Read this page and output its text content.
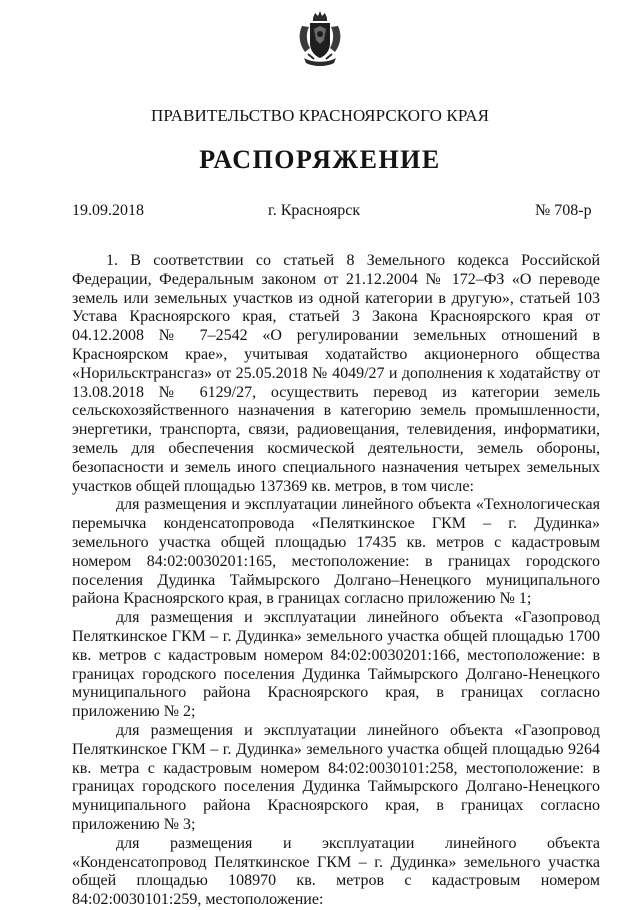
ПРАВИТЕЛЬСТВО КРАСНОЯРСКОГО КРАЯ
РАСПОРЯЖЕНИЕ
19.09.2018	г. Красноярск	№ 708-р

1. В соответствии со статьей 8 Земельного кодекса Российской Федерации, Федеральным законом от 21.12.2004 № 172–ФЗ «О переводе земель или земельных участков из одной категории в другую», статьей 103 Устава Красноярского края, статьей 3 Закона Красноярского края от 04.12.2008 № 7–2542 «О регулировании земельных отношений в Красноярском крае», учитывая ходатайство акционерного общества «Норильсктрансгаз» от 25.05.2018 № 4049/27 и дополнения к ходатайству от 13.08.2018 № 6129/27, осуществить перевод из категории земель сельскохозяйственного назначения в категорию земель промышленности, энергетики, транспорта, связи, радиовещания, телевидения, информатики, земель для обеспечения космической деятельности, земель обороны, безопасности и земель иного специального назначения четырех земельных участков общей площадью 137369 кв. метров, в том числе:

для размещения и эксплуатации линейного объекта «Технологическая перемычка конденсатопровода «Пеляткинское ГКМ – г. Дудинка» земельного участка общей площадью 17435 кв. метров с кадастровым номером 84:02:0030201:165, местоположение: в границах городского поселения Дудинка Таймырского Долгано–Ненецкого муниципального района Красноярского края, в границах согласно приложению № 1;

для размещения и эксплуатации линейного объекта «Газопровод Пеляткинское ГКМ – г. Дудинка» земельного участка общей площадью 1700 кв. метров с кадастровым номером 84:02:0030201:166, местоположение: в границах городского поселения Дудинка Таймырского Долгано-Ненецкого муниципального района Красноярского края, в границах согласно приложению № 2;

для размещения и эксплуатации линейного объекта «Газопровод Пеляткинское ГКМ – г. Дудинка» земельного участка общей площадью 9264 кв. метра с кадастровым номером 84:02:0030101:258, местоположение: в границах городского поселения Дудинка Таймырского Долгано-Ненецкого муниципального района Красноярского края, в границах согласно приложению № 3;

для размещения и эксплуатации линейного объекта «Конденсатопровод Пеляткинское ГКМ – г. Дудинка» земельного участка общей площадью 108970 кв. метров с кадастровым номером 84:02:0030101:259, местоположение:
